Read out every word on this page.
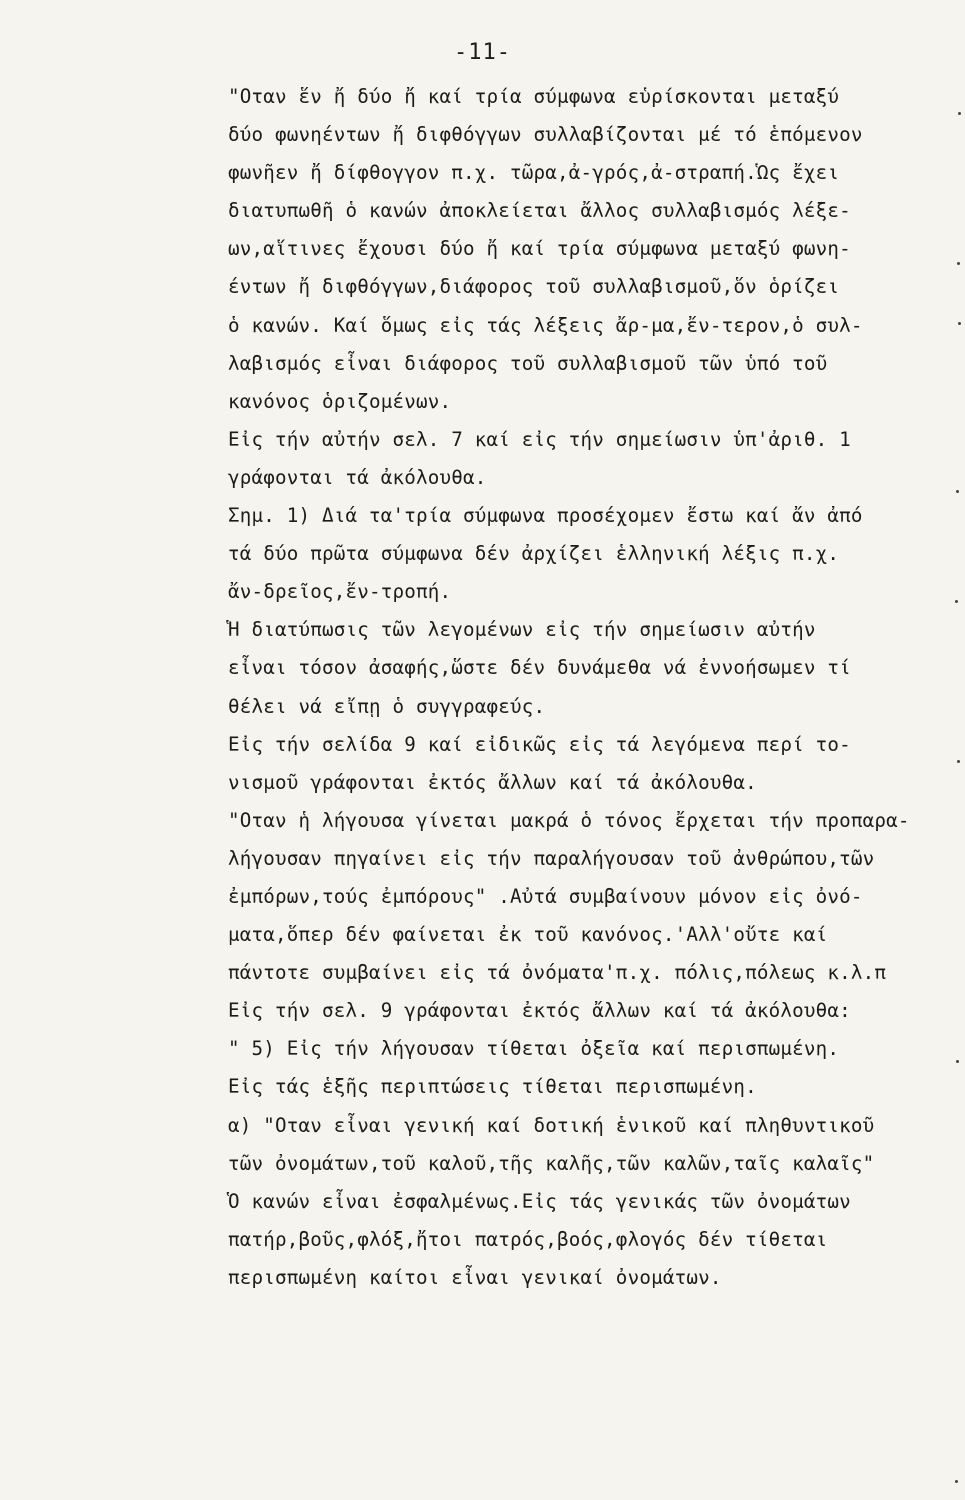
-11-
"Οταν ἕν ἤ δύο ἤ καί τρία σύμφωνα εὑρίσκονται μεταξύ
δύο φωνηέντων ἤ διφθόγγων συλλαβίζονται μέ τό ἑπόμενον
φωνῆεν ἤ δίφθογγον π.χ. τῶρα,ἀ-γρός,ἀ-στραπή.Ὡς ἔχει
διατυπωθῆ ὁ κανών ἀποκλείεται ἄλλος συλλαβισμός λέξε-
ων,αἵτινες ἔχουσι δύο ἤ καί τρία σύμφωνα μεταξύ φωνη-
έντων ἤ διφθόγγων,διάφορος τοῦ συλλαβισμοῦ,ὅν ὁρίζει
ὁ κανών. Καί ὅμως εἰς τάς λέξεις ἄρ-μα,ἔν-τερον,ὁ συλ-
λαβισμός εἶναι διάφορος τοῦ συλλαβισμοῦ τῶν ὑπό τοῦ
κανόνος ὁριζομένων.
Εἰς τήν αὐτήν σελ. 7 καί εἰς τήν σημείωσιν ὑπ'ἀριθ. 1
γράφονται τά ἀκόλουθα.
Σημ. 1) Διά τα'τρία σύμφωνα προσέχομεν ἔστω καί ἄν ἀπό
τά δύο πρῶτα σύμφωνα δέν ἀρχίζει ἑλληνική λέξις π.χ.
ἄν-δρεῖος,ἔν-τροπή.
Ἡ διατύπωσις τῶν λεγομένων εἰς τήν σημείωσιν αὐτήν
εἶναι τόσον ἀσαφής,ὥστε δέν δυνάμεθα νά ἐννοήσωμεν τί
θέλει νά εἴπῃ ὁ συγγραφεύς.
Εἰς τήν σελίδα 9 καί εἰδικῶς εἰς τά λεγόμενα περί το-
νισμοῦ γράφονται ἐκτός ἄλλων καί τά ἀκόλουθα.
"Οταν ἡ λήγουσα γίνεται μακρά ὁ τόνος ἔρχεται τήν προπαρα-
λήγουσαν πηγαίνει εἰς τήν παραλήγουσαν τοῦ ἀνθρώπου,τῶν
ἐμπόρων,τούς ἐμπόρους" .Αὐτά συμβαίνουν μόνον εἰς ὀνό-
ματα,ὅπερ δέν φαίνεται ἐκ τοῦ κανόνος.'Αλλ'οὔτε καί
πάντοτε συμβαίνει εἰς τά ὀνόματα'π.χ. πόλις,πόλεως κ.λ.π
Εἰς τήν σελ. 9 γράφονται ἐκτός ἄλλων καί τά ἀκόλουθα:
" 5) Εἰς τήν λήγουσαν τίθεται ὀξεῖα καί περισπωμένη.
Εἰς τάς ἑξῆς περιπτώσεις τίθεται περισπωμένη.
α) "Οταν εἶναι γενική καί δοτική ἑνικοῦ καί πληθυντικοῦ
τῶν ὀνομάτων,τοῦ καλοῦ,τῆς καλῆς,τῶν καλῶν,ταῖς καλαῖς"
Ὁ κανών εἶναι ἐσφαλμένως.Εἰς τάς γενικάς τῶν ὀνομάτων
πατήρ,βοῦς,φλόξ,ἤτοι πατρός,βοός,φλογός δέν τίθεται
περισπωμένη καίτοι εἶναι γενικαί ὀνομάτων.
